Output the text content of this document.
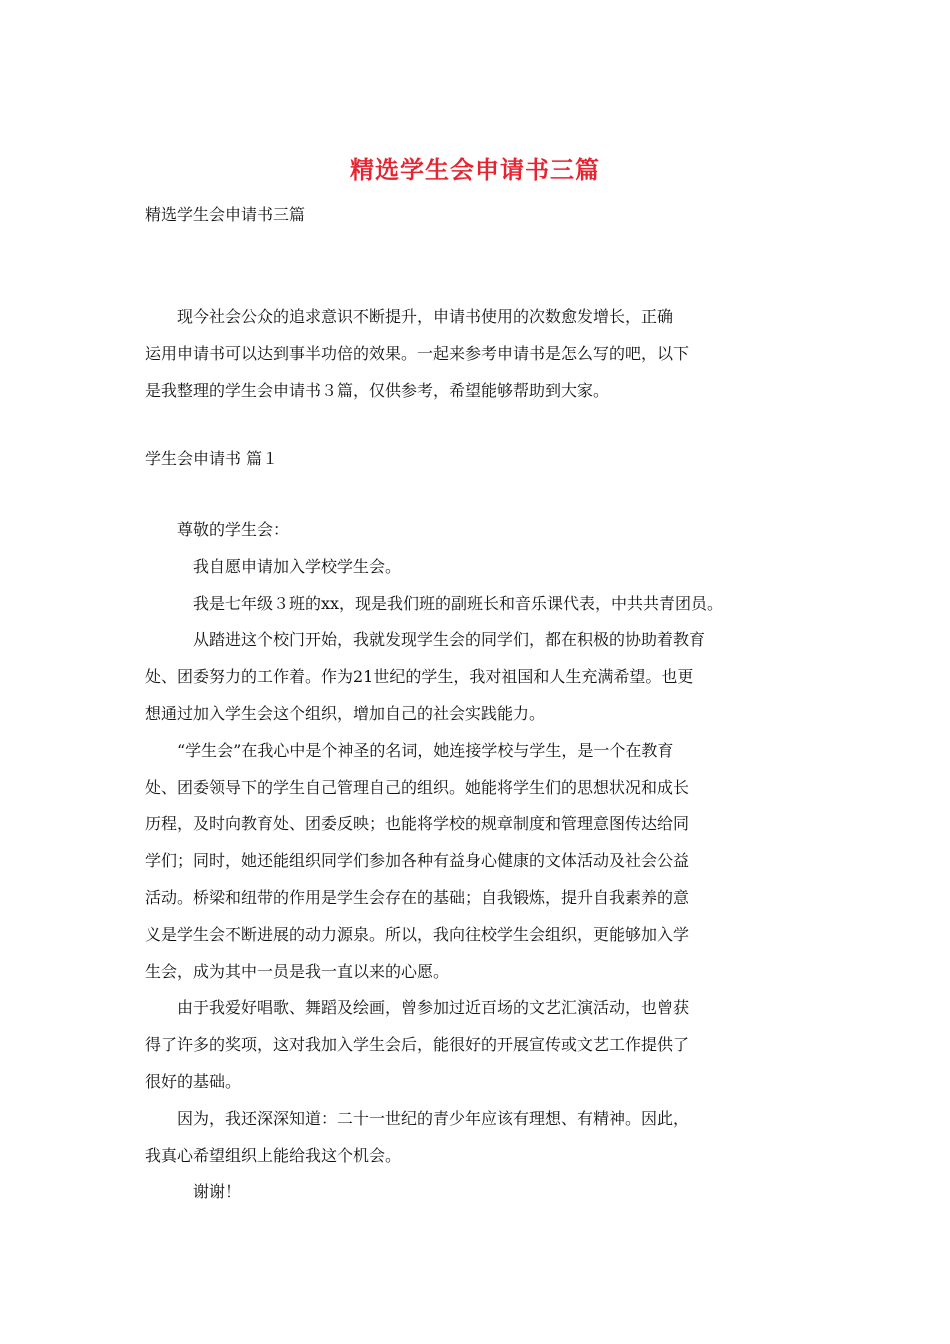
精选学生会申请书三篇
精选学生会申请书三篇
　　现今社会公众的追求意识不断提升，申请书使用的次数愈发增长，正确
运用申请书可以达到事半功倍的效果。一起来参考申请书是怎么写的吧，以下
是我整理的学生会申请书３篇，仅供参考，希望能够帮助到大家。
学生会申请书 篇１
　　尊敬的学生会：
　　　我自愿申请加入学校学生会。
　　　我是七年级３班的xx，现是我们班的副班长和音乐课代表，中共共青团员。
　　　从踏进这个校门开始，我就发现学生会的同学们，都在积极的协助着教育
处、团委努力的工作着。作为21世纪的学生，我对祖国和人生充满希望。也更
想通过加入学生会这个组织，增加自己的社会实践能力。
　　“学生会”在我心中是个神圣的名词，她连接学校与学生，是一个在教育
处、团委领导下的学生自己管理自己的组织。她能将学生们的思想状况和成长
历程，及时向教育处、团委反映；也能将学校的规章制度和管理意图传达给同
学们；同时，她还能组织同学们参加各种有益身心健康的文体活动及社会公益
活动。桥梁和纽带的作用是学生会存在的基础；自我锻炼，提升自我素养的意
义是学生会不断进展的动力源泉。所以，我向往校学生会组织，更能够加入学
生会，成为其中一员是我一直以来的心愿。
　　由于我爱好唱歌、舞蹈及绘画，曾参加过近百场的文艺汇演活动，也曾获
得了许多的奖项，这对我加入学生会后，能很好的开展宣传或文艺工作提供了
很好的基础。
　　因为，我还深深知道：二十一世纪的青少年应该有理想、有精神。因此，
我真心希望组织上能给我这个机会。
　　　谢谢！
